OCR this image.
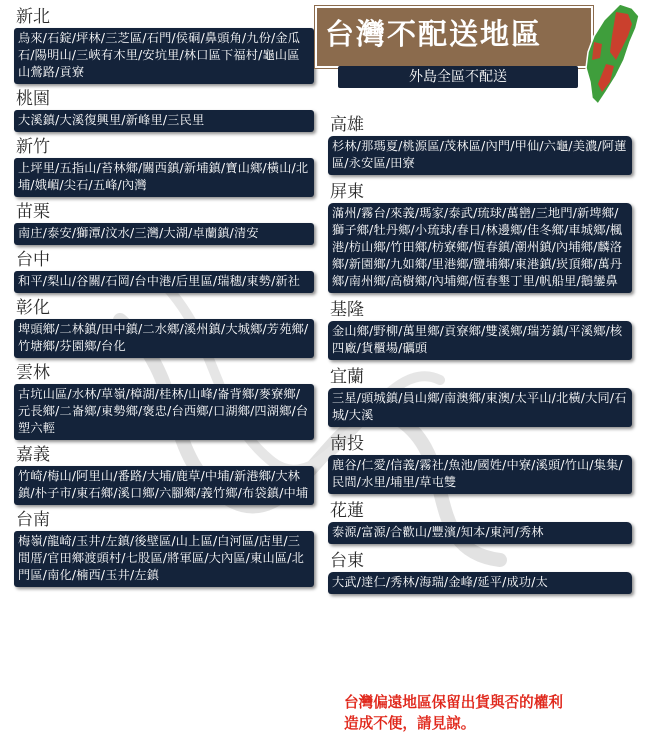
新北
烏來/石錠/坪林/三芝區/石門/侯硐/鼻頭角/九份/金瓜石/陽明山/三峽有木里/安坑里/林口區下福村/龜山區山鶯路/貢寮
桃園
大溪鎮/大溪復興里/新峰里/三民里
新竹
上坪里/五指山/苔林鄉/關西鎮/新埔鎮/寶山鄉/橫山/北埔/娥嵋/尖石/五峰/內灣
苗栗
南庄/泰安/獅潭/汶水/三灣/大湖/卓蘭鎮/清安
台中
和平/梨山/谷關/石岡/台中港/后里區/瑞穗/東勢/新社
彰化
埤頭鄉/二林鎮/田中鎮/二水鄉/溪州鎮/大城鄉/芳苑鄉/竹塘鄉/芬園鄉/台化
雲林
古坑山區/水林/草嶺/樟湖/桂林/山峰/崙背鄉/麥寮鄉/元長鄉/二崙鄉/東勢鄉/褒忠/台西鄉/口湖鄉/四湖鄉/台塑六輕
嘉義
竹崎/梅山/阿里山/番路/大埔/鹿草/中埔/新港鄉/大林鎮/朴子市/東石鄉/溪口鄉/六腳鄉/義竹鄉/布袋鎮/中埔
台南
梅嶺/龍崎/玉井/左鎮/後壁區/山上區/白河區/店里/三間厝/官田鄉渡頭村/七股區/將軍區/大內區/東山區/北門區/南化/楠西/玉井/左鎮
台灣不配送地區
外島全區不配送
高雄
杉林/那瑪夏/桃源區/茂林區/內門/甲仙/六龜/美濃/阿蓮區/永安區/田寮
屏東
滿州/霧台/來義/瑪家/泰武/琉球/萬巒/三地門/新埤鄉/獅子鄉/牡丹鄉/小琉球/春日/林邊鄉/佳冬鄉/車城鄉/楓港/枋山鄉/竹田鄉/枋寮鄉/恆春鎮/潮州鎮/內埔鄉/麟洛鄉/新園鄉/九如鄉/里港鄉/鹽埔鄉/東港鎮/崁頂鄉/萬丹鄉/南州鄉/高樹鄉/內埔鄉/恆春墾丁里/帆船里/鵝鑾鼻
基隆
金山鄉/野柳/萬里鄉/貢寮鄉/雙溪鄉/瑞芳鎮/平溪鄉/核四廠/貨櫃場/礪頭
宜蘭
三星/頭城鎮/員山鄉/南澳鄉/東澳/太平山/北橫/大同/石城/大溪
南投
鹿谷/仁愛/信義/霧社/魚池/國姓/中寮/溪頭/竹山/集集/民間/水里/埔里/草屯雙
花蓮
泰源/富源/合歡山/豐濱/知本/東河/秀林
台東
大武/達仁/秀林/海瑞/金峰/延平/成功/太
台灣偏遠地區保留出貨與否的權利
造成不便，請見諒。
